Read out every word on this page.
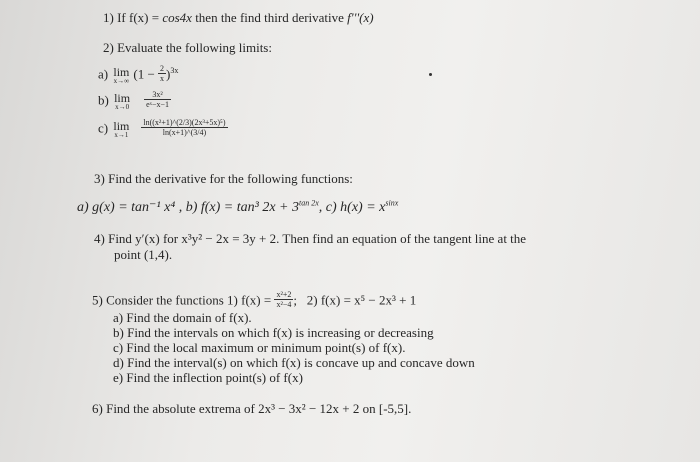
1) If f(x) = cos4x then the find third derivative f'''(x)
2) Evaluate the following limits:
a) lim
x→∞ $(1 - \frac{2}{x} )^{3x}$
b) lim
$x\to 0 \frac{\text{3x²}}{\text{eˣ−x−1}}$
c) lim
$x\to 1 \frac{\text{ln((x²+1)\textasciicircum{}(2/3)(2x³+5x)⁵)}}{\ln(x+1)\^{}(3/4)}$
3) Find the derivative for the following functions:
a) g(x) = tan⁻¹ x⁴ , b) f(x) = tan³ $2x + 3^{tan 2x}$, c) $h(x) = x^{sinx}$
4) Find y′(x) for x³y² − 2x = 3y + 2. Then find an equation of the tangent line at the
point (1,4).
5) Consider the functions 1) $f(x) = \frac{\text{x²+2}}{\text{x²−4}}$ ; 2) f(x) = x⁵ − 2x³ + 1
a) Find the domain of f(x).
b) Find the intervals on which f(x) is increasing or decreasing
c) Find the local maximum or minimum point(s) of f(x).
d) Find the interval(s) on which f(x) is concave up and concave down
e) Find the inflection point(s) of f(x)
6) Find the absolute extrema of 2x³ − 3x² − 12x + 2 on [-5,5].
